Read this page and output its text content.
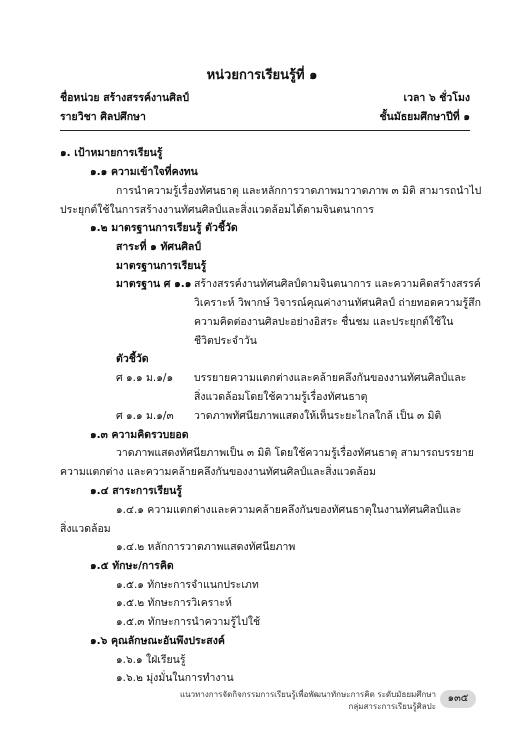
หน่วยการเรียนรู้ที่ ๑
ชื่อหน่วย สร้างสรรค์งานศิลป์	เวลา ๖ ชั่วโมง
รายวิชา ศิลปศึกษา	ชั้นมัธยมศึกษาปีที่ ๑
๑. เป้าหมายการเรียนรู้
๑.๑ ความเข้าใจที่คงทน
การนำความรู้เรื่องทัศนธาตุ และหลักการวาดภาพมาวาดภาพ ๓ มิติ สามารถนำไป
ประยุกต์ใช้ในการสร้างงานทัศนศิลป์และสิ่งแวดล้อมได้ตามจินตนาการ
๑.๒ มาตรฐานการเรียนรู้ ตัวชี้วัด
สาระที่ ๑ ทัศนศิลป์
มาตรฐานการเรียนรู้
มาตรฐาน ศ ๑.๑ สร้างสรรค์งานทัศนศิลป์ตามจินตนาการ และความคิดสร้างสรรค์
วิเคราะห์ วิพากษ์ วิจารณ์คุณค่างานทัศนศิลป์ ถ่ายทอดความรู้สึก
ความคิดต่องานศิลปะอย่างอิสระ ชื่นชม และประยุกต์ใช้ใน
ชีวิตประจำวัน
ตัวชี้วัด
ศ ๑.๑ ม.๑/๑ บรรยายความแตกต่างและคล้ายคลึงกันของงานทัศนศิลป์และ
สิ่งแวดล้อมโดยใช้ความรู้เรื่องทัศนธาตุ
ศ ๑.๑ ม.๑/๓ วาดภาพทัศนียภาพแสดงให้เห็นระยะไกลใกล้ เป็น ๓ มิติ
๑.๓ ความคิดรวบยอด
วาดภาพแสดงทัศนียภาพเป็น ๓ มิติ โดยใช้ความรู้เรื่องทัศนธาตุ สามารถบรรยาย
ความแตกต่าง และความคล้ายคลึงกันของงานทัศนศิลป์และสิ่งแวดล้อม
๑.๔ สาระการเรียนรู้
๑.๔.๑ ความแตกต่างและความคล้ายคลึงกันของทัศนธาตุในงานทัศนศิลป์และ
สิ่งแวดล้อม
๑.๔.๒ หลักการวาดภาพแสดงทัศนียภาพ
๑.๕ ทักษะ/การคิด
๑.๕.๑ ทักษะการจำแนกประเภท
๑.๕.๒ ทักษะการวิเคราะห์
๑.๕.๓ ทักษะการนำความรู้ไปใช้
๑.๖ คุณลักษณะอันพึงประสงค์
๑.๖.๑ ใฝ่เรียนรู้
๑.๖.๒ มุ่งมั่นในการทำงาน
แนวทางการจัดกิจกรรมการเรียนรู้เพื่อพัฒนาทักษะการคิด ระดับมัธยมศึกษา
กลุ่มสาระการเรียนรู้ศิลปะ
๑๓๕
